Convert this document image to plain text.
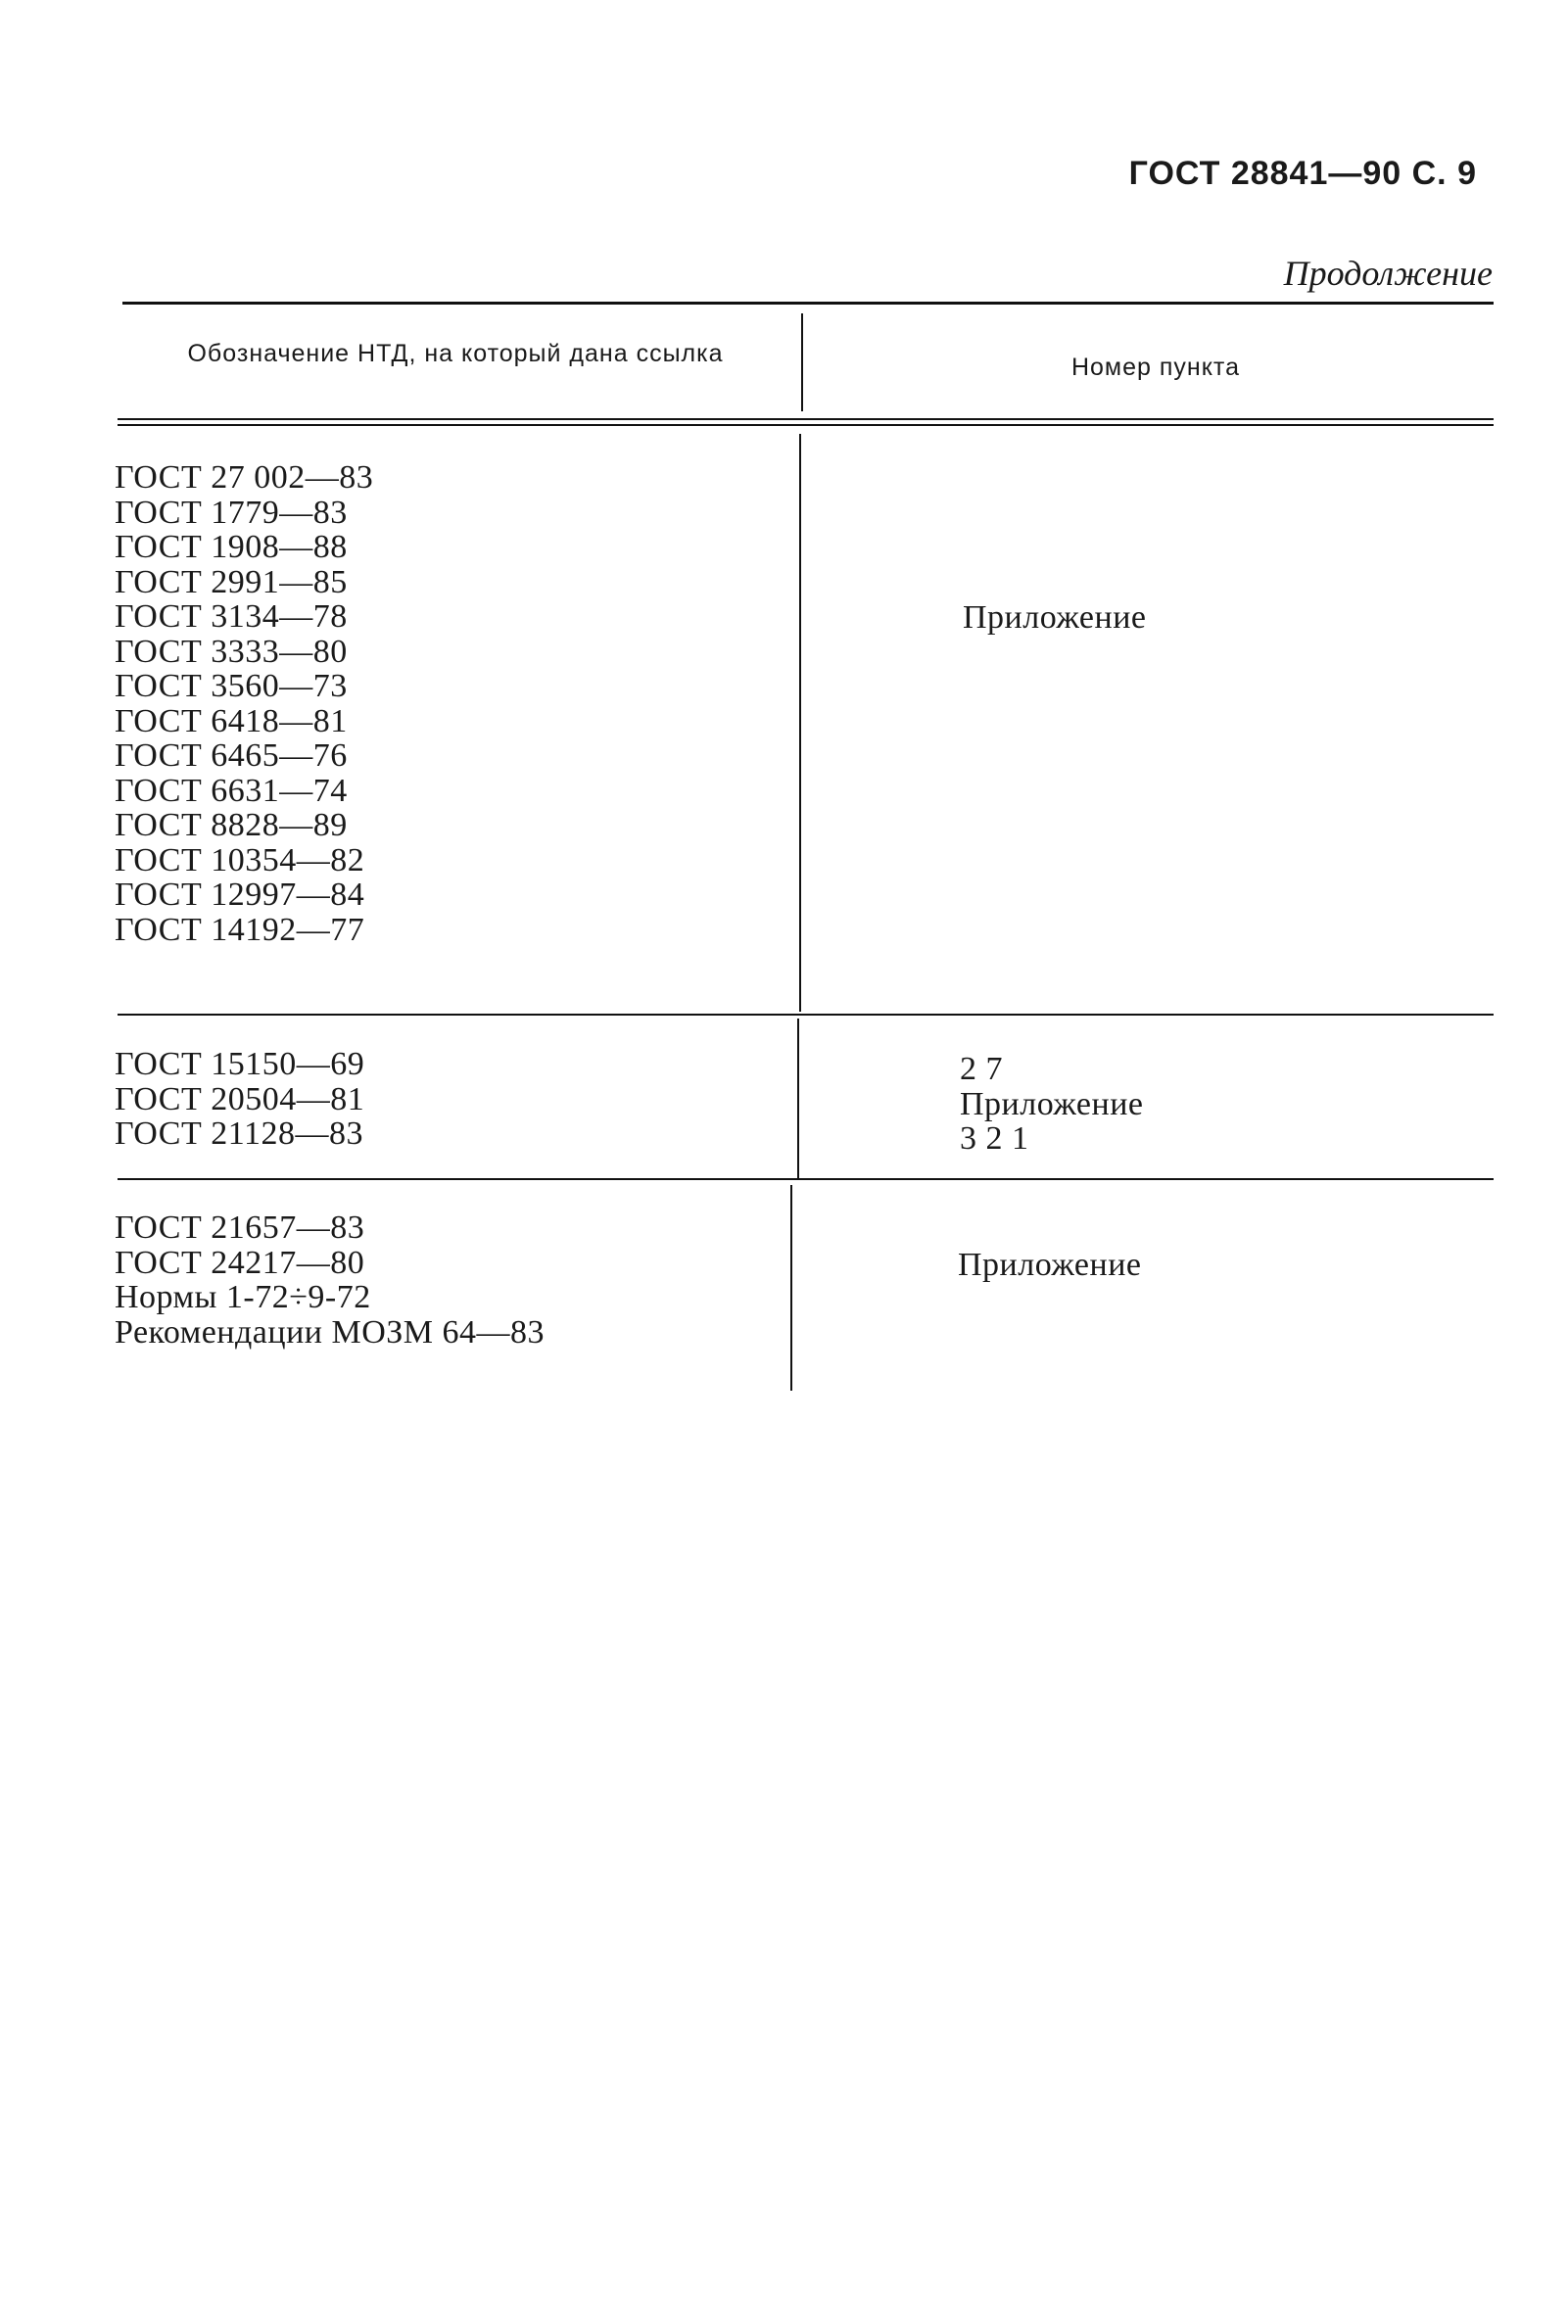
ГОСТ 28841—90 С. 9
Продолжение
Обозначение НТД, на который дана ссылка	Номер пункта
ГОСТ 27 002—83
ГОСТ 1779—83
ГОСТ 1908—88
ГОСТ 2991—85
ГОСТ 3134—78
ГОСТ 3333—80
ГОСТ 3560—73
ГОСТ 6418—81
ГОСТ 6465—76
ГОСТ 6631—74
ГОСТ 8828—89
ГОСТ 10354—82
ГОСТ 12997—84
ГОСТ 14192—77
Приложение
ГОСТ 15150—69
ГОСТ 20504—81
ГОСТ 21128—83
2 7
Приложение
3 2 1
ГОСТ 21657—83
ГОСТ 24217—80
Нормы 1-72÷9-72
Рекомендации МОЗМ 64—83
Приложение
